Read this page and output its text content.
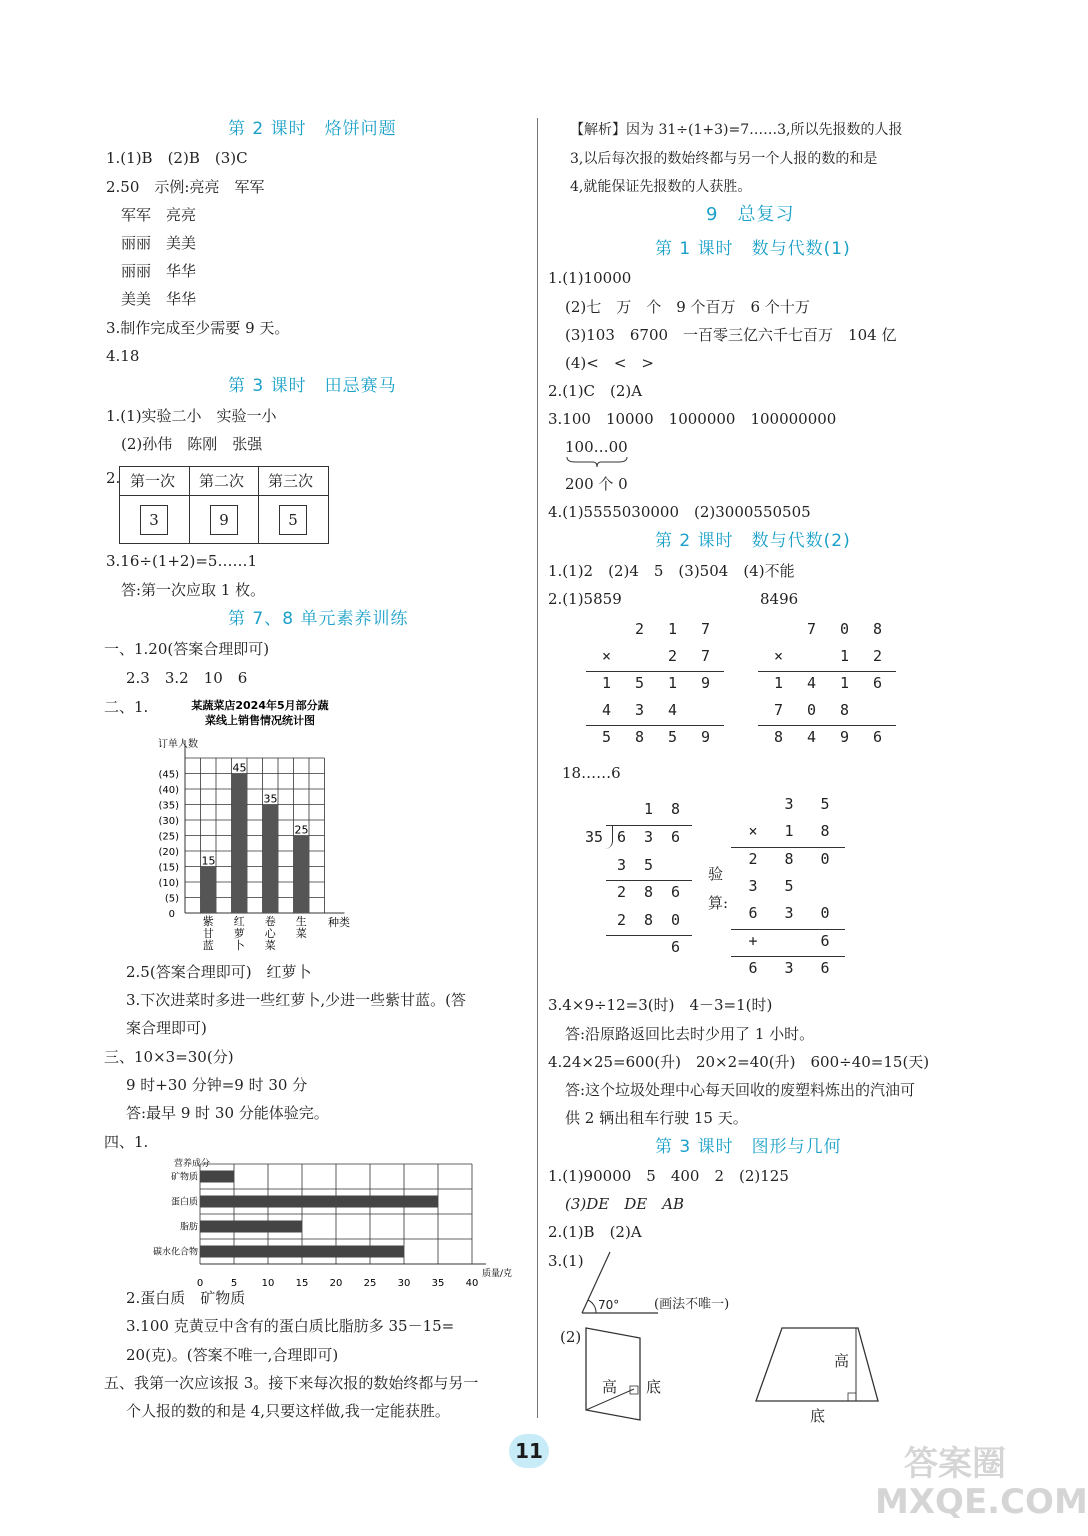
第 2 课时　烙饼问题
1.(1)B　(2)B　(3)C
2.50　示例:亮亮　军军
军军　亮亮
丽丽　美美
丽丽　华华
美美　华华
3.制作完成至少需要 9 天。
4.18
第 3 课时　田忌赛马
1.(1)实验二小　实验一小
(2)孙伟　陈刚　张强
2. 第一次 第二次 第三次
3	9	5
3.16÷(1+2)=5……1
答:第一次应取 1 枚。
第 7、8 单元素养训练
一、1.20(答案合理即可)
2.3　3.2　10　6
二、1.	某蔬菜店2024年5月部分蔬
订单人数
15
45
35
25
(5)
(10)
(15)
(20)
(25)
(30)
(35)
(40)
(45)
0
紫甘蓝
红萝卜
卷心菜
生菜
种类
菜线上销售情况统计图
2.5(答案合理即可)　红萝卜
3.下次进菜时多进一些红萝卜,少进一些紫甘蓝。(答
案合理即可)
三、10×3=30(分)
9 时+30 分钟=9 时 30 分
答:最早 9 时 30 分能体验完。
四、1.
营养成分
矿物质
蛋白质
脂肪
碳水化合物
0	5 10 15 20 25 30 35 40
质量/克
2.蛋白质　矿物质
3.100 克黄豆中含有的蛋白质比脂肪多 35－15=
20(克)。(答案不唯一,合理即可)
五、我第一次应该报 3。接下来每次报的数始终都与另一
个人报的数的和是 4,只要这样做,我一定能获胜。
【解析】因为 31÷(1+3)=7……3,所以先报数的人报
3,以后每次报的数始终都与另一个人报的数的和是
4,就能保证先报数的人获胜。
9　总复习
第 1 课时　数与代数(1)
1.(1)10000
(2)七　万　个　9 个百万　6 个十万
(3)103　6700　一百零三亿六千七百万　104 亿
(4)<　<　>
2.(1)C　(2)A
3.100　10000　1000000　100000000
100…00
200 个 0
4.(1)5555030000　(2)3000550505
第 2 课时　数与代数(2)
1.(1)2　(2)4　5　(3)504　(4)不能
2.(1)5859	8496
2	1	7
×	2	7
1	5	1	9
4	3	4
5	8	5	9
7	0	8
×	1	2
1	4	1	6
7	0	8
8	4	9	6
18……6
1	8
35 6	3	6
3	5
2	8	6
2	8	0
6
验
算:
3	5
×	1	8
2	8	0
3	5
6	3	0
+	6
6	3	6
3.4×9÷12=3(时)　4－3=1(时)
答:沿原路返回比去时少用了 1 小时。
4.24×25=600(升)　20×2=40(升)　600÷40=15(天)
答:这个垃圾处理中心每天回收的废塑料炼出的汽油可
供 2 辆出租车行驶 15 天。
第 3 课时　图形与几何
1.(1)90000　5　400　2　(2)125
(3)DE　DE　AB
2.(1)B　(2)A
3.(1)
70°	(画法不唯一)
(2)
高 底
高
底
11	答案圈
MXQE.COM
